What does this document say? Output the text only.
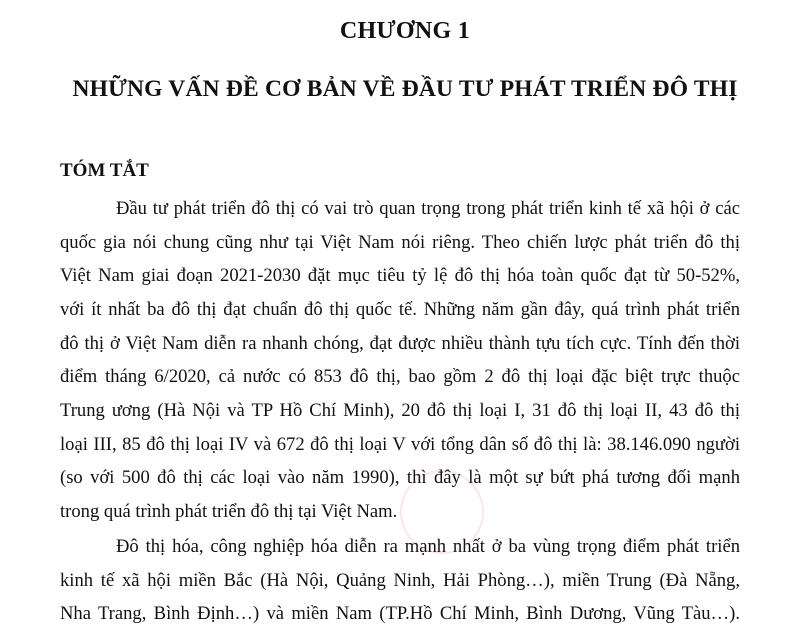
CHƯƠNG 1
NHỮNG VẤN ĐỀ CƠ BẢN VỀ ĐẦU TƯ PHÁT TRIỂN ĐÔ THỊ
TÓM TẮT
Đầu tư phát triển đô thị có vai trò quan trọng trong phát triển kinh tế xã hội ở các
quốc gia nói chung cũng như tại Việt Nam nói riêng. Theo chiến lược phát triển đô thị
Việt Nam giai đoạn 2021-2030 đặt mục tiêu tỷ lệ đô thị hóa toàn quốc đạt từ 50-52%,
với ít nhất ba đô thị đạt chuẩn đô thị quốc tế. Những năm gần đây, quá trình phát triển
đô thị ở Việt Nam diễn ra nhanh chóng, đạt được nhiều thành tựu tích cực. Tính đến thời
điểm tháng 6/2020, cả nước có 853 đô thị, bao gồm 2 đô thị loại đặc biệt trực thuộc
Trung ương (Hà Nội và TP Hồ Chí Minh), 20 đô thị loại I, 31 đô thị loại II, 43 đô thị
loại III, 85 đô thị loại IV và 672 đô thị loại V với tổng dân số đô thị là: 38.146.090 người
(so với 500 đô thị các loại vào năm 1990), thì đây là một sự bứt phá tương đối mạnh
trong quá trình phát triển đô thị tại Việt Nam.
Đô thị hóa, công nghiệp hóa diễn ra mạnh nhất ở ba vùng trọng điểm phát triển
kinh tế xã hội miền Bắc (Hà Nội, Quảng Ninh, Hải Phòng…), miền Trung (Đà Nẵng,
Nha Trang, Bình Định…) và miền Nam (TP.Hồ Chí Minh, Bình Dương, Vũng Tàu…).
